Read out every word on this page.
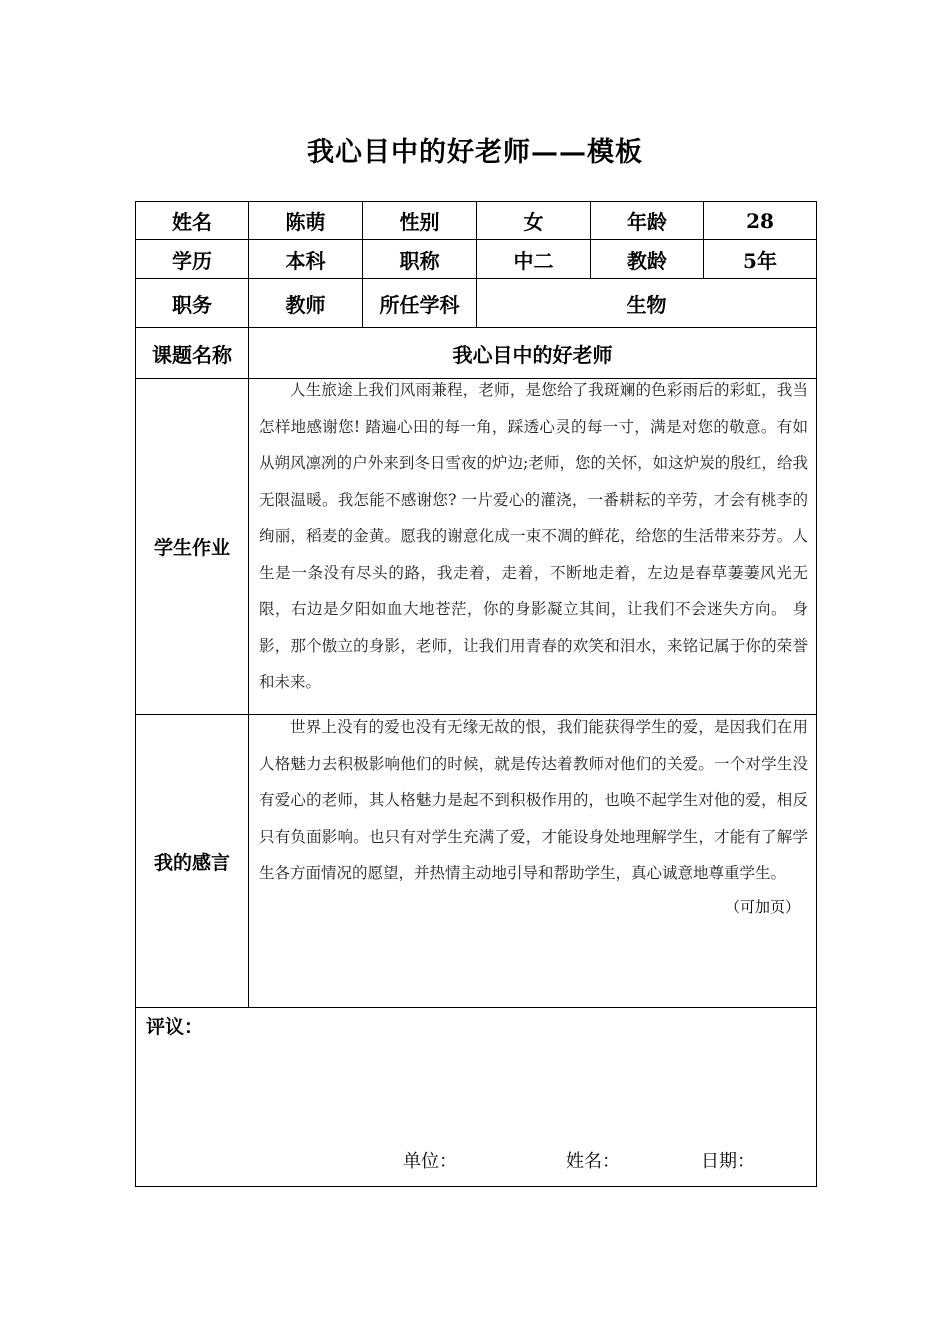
我心目中的好老师——模板
姓名	陈萌	性别	女	年龄	28
学历	本科	职称	中二	教龄	5年
职务	教师	所任学科	生物		
课题名称	我心目中的好老师				
学生作业	人生旅途上我们风雨兼程，老师，是您给了我斑斓的色彩雨后的彩虹，我当怎样地感谢您! 踏遍心田的每一角，踩透心灵的每一寸，满是对您的敬意。有如从朔风凛冽的户外来到冬日雪夜的炉边;老师，您的关怀，如这炉炭的殷红，给我无限温暖。我怎能不感谢您? 一片爱心的灌浇，一番耕耘的辛劳，才会有桃李的绚丽，稻麦的金黄。愿我的谢意化成一束不凋的鲜花，给您的生活带来芬芳。人生是一条没有尽头的路，我走着，走着，不断地走着，左边是春草萋萋风光无限，右边是夕阳如血大地苍茫，你的身影凝立其间，让我们不会迷失方向。 身影，那个傲立的身影，老师，让我们用青春的欢笑和泪水，来铭记属于你的荣誉和未来。				

我的感言	世界上没有的爱也没有无缘无故的恨，我们能获得学生的爱，是因我们在用人格魅力去积极影响他们的时候，就是传达着教师对他们的关爱。一个对学生没有爱心的老师，其人格魅力是起不到积极作用的，也唤不起学生对他的爱，相反只有负面影响。也只有对学生充满了爱，才能设身处地理解学生，才能有了解学生各方面情况的愿望，并热情主动地引导和帮助学生，真心诚意地尊重学生。

（可加页）				

评议：
单位： 姓名： 日期：					
